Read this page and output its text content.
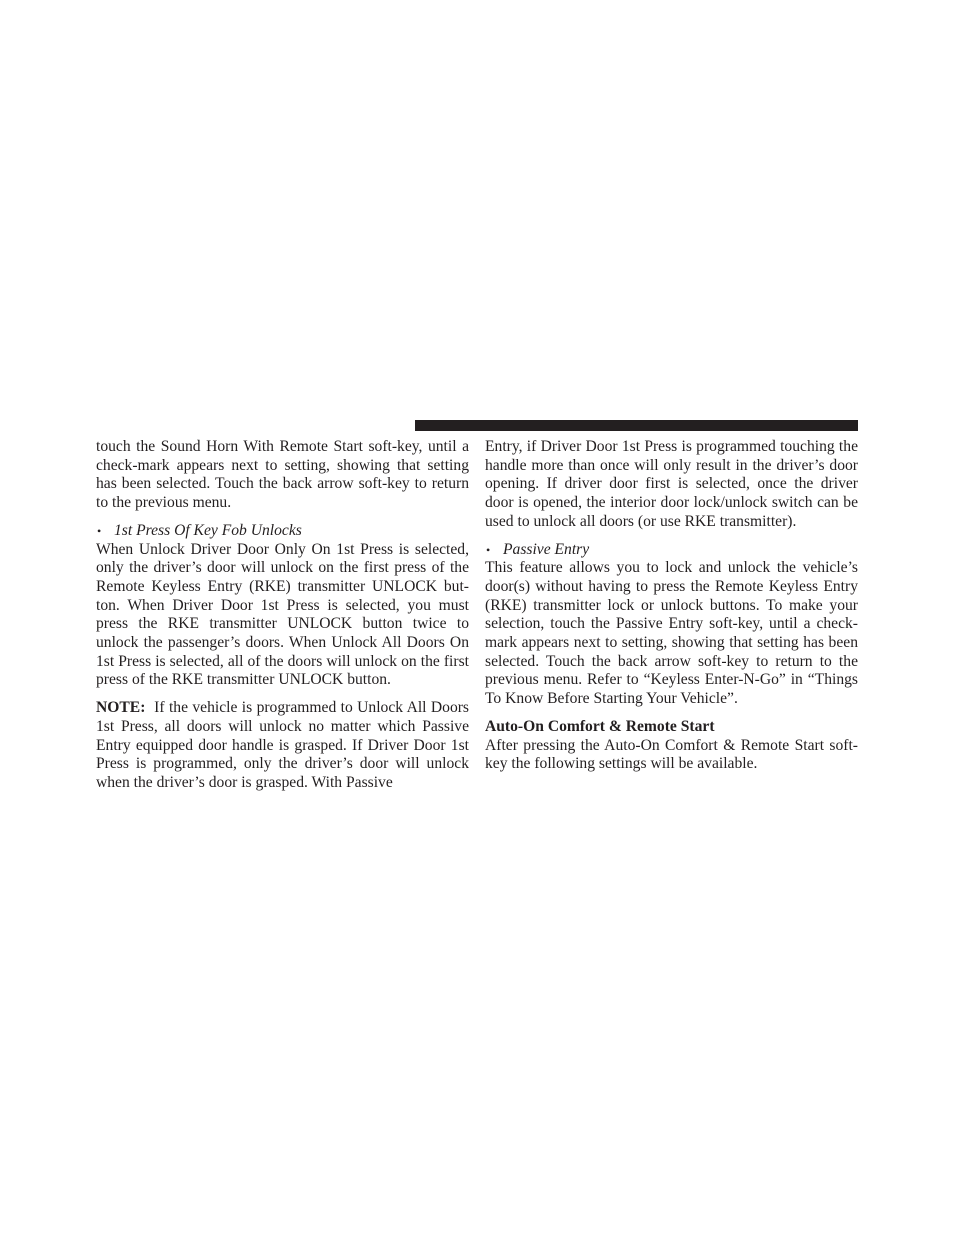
touch the Sound Horn With Remote Start soft-key, until a check-mark appears next to setting, showing that setting has been selected. Touch the back arrow soft-key to return to the previous menu.

• 1st Press Of Key Fob Unlocks

When Unlock Driver Door Only On 1st Press is selected, only the driver’s door will unlock on the first press of the Remote Keyless Entry (RKE) transmitter UNLOCK button. When Driver Door 1st Press is selected, you must press the RKE transmitter UNLOCK button twice to unlock the passenger’s doors. When Unlock All Doors On 1st Press is selected, all of the doors will unlock on the first press of the RKE transmitter UNLOCK button.

NOTE: If the vehicle is programmed to Unlock All Doors 1st Press, all doors will unlock no matter which Passive Entry equipped door handle is grasped. If Driver Door 1st Press is programmed, only the driver’s door will unlock when the driver’s door is grasped. With Passive

Entry, if Driver Door 1st Press is programmed touching the handle more than once will only result in the driver’s door opening. If driver door first is selected, once the driver door is opened, the interior door lock/unlock switch can be used to unlock all doors (or use RKE transmitter).

• Passive Entry

This feature allows you to lock and unlock the vehicle’s door(s) without having to press the Remote Keyless Entry (RKE) transmitter lock or unlock buttons. To make your selection, touch the Passive Entry soft-key, until a check-mark appears next to setting, showing that setting has been selected. Touch the back arrow soft-key to return to the previous menu. Refer to “Keyless Enter-N-Go” in “Things To Know Before Starting Your Vehicle”.

Auto-On Comfort & Remote Start

After pressing the Auto-On Comfort & Remote Start soft-key the following settings will be available.
